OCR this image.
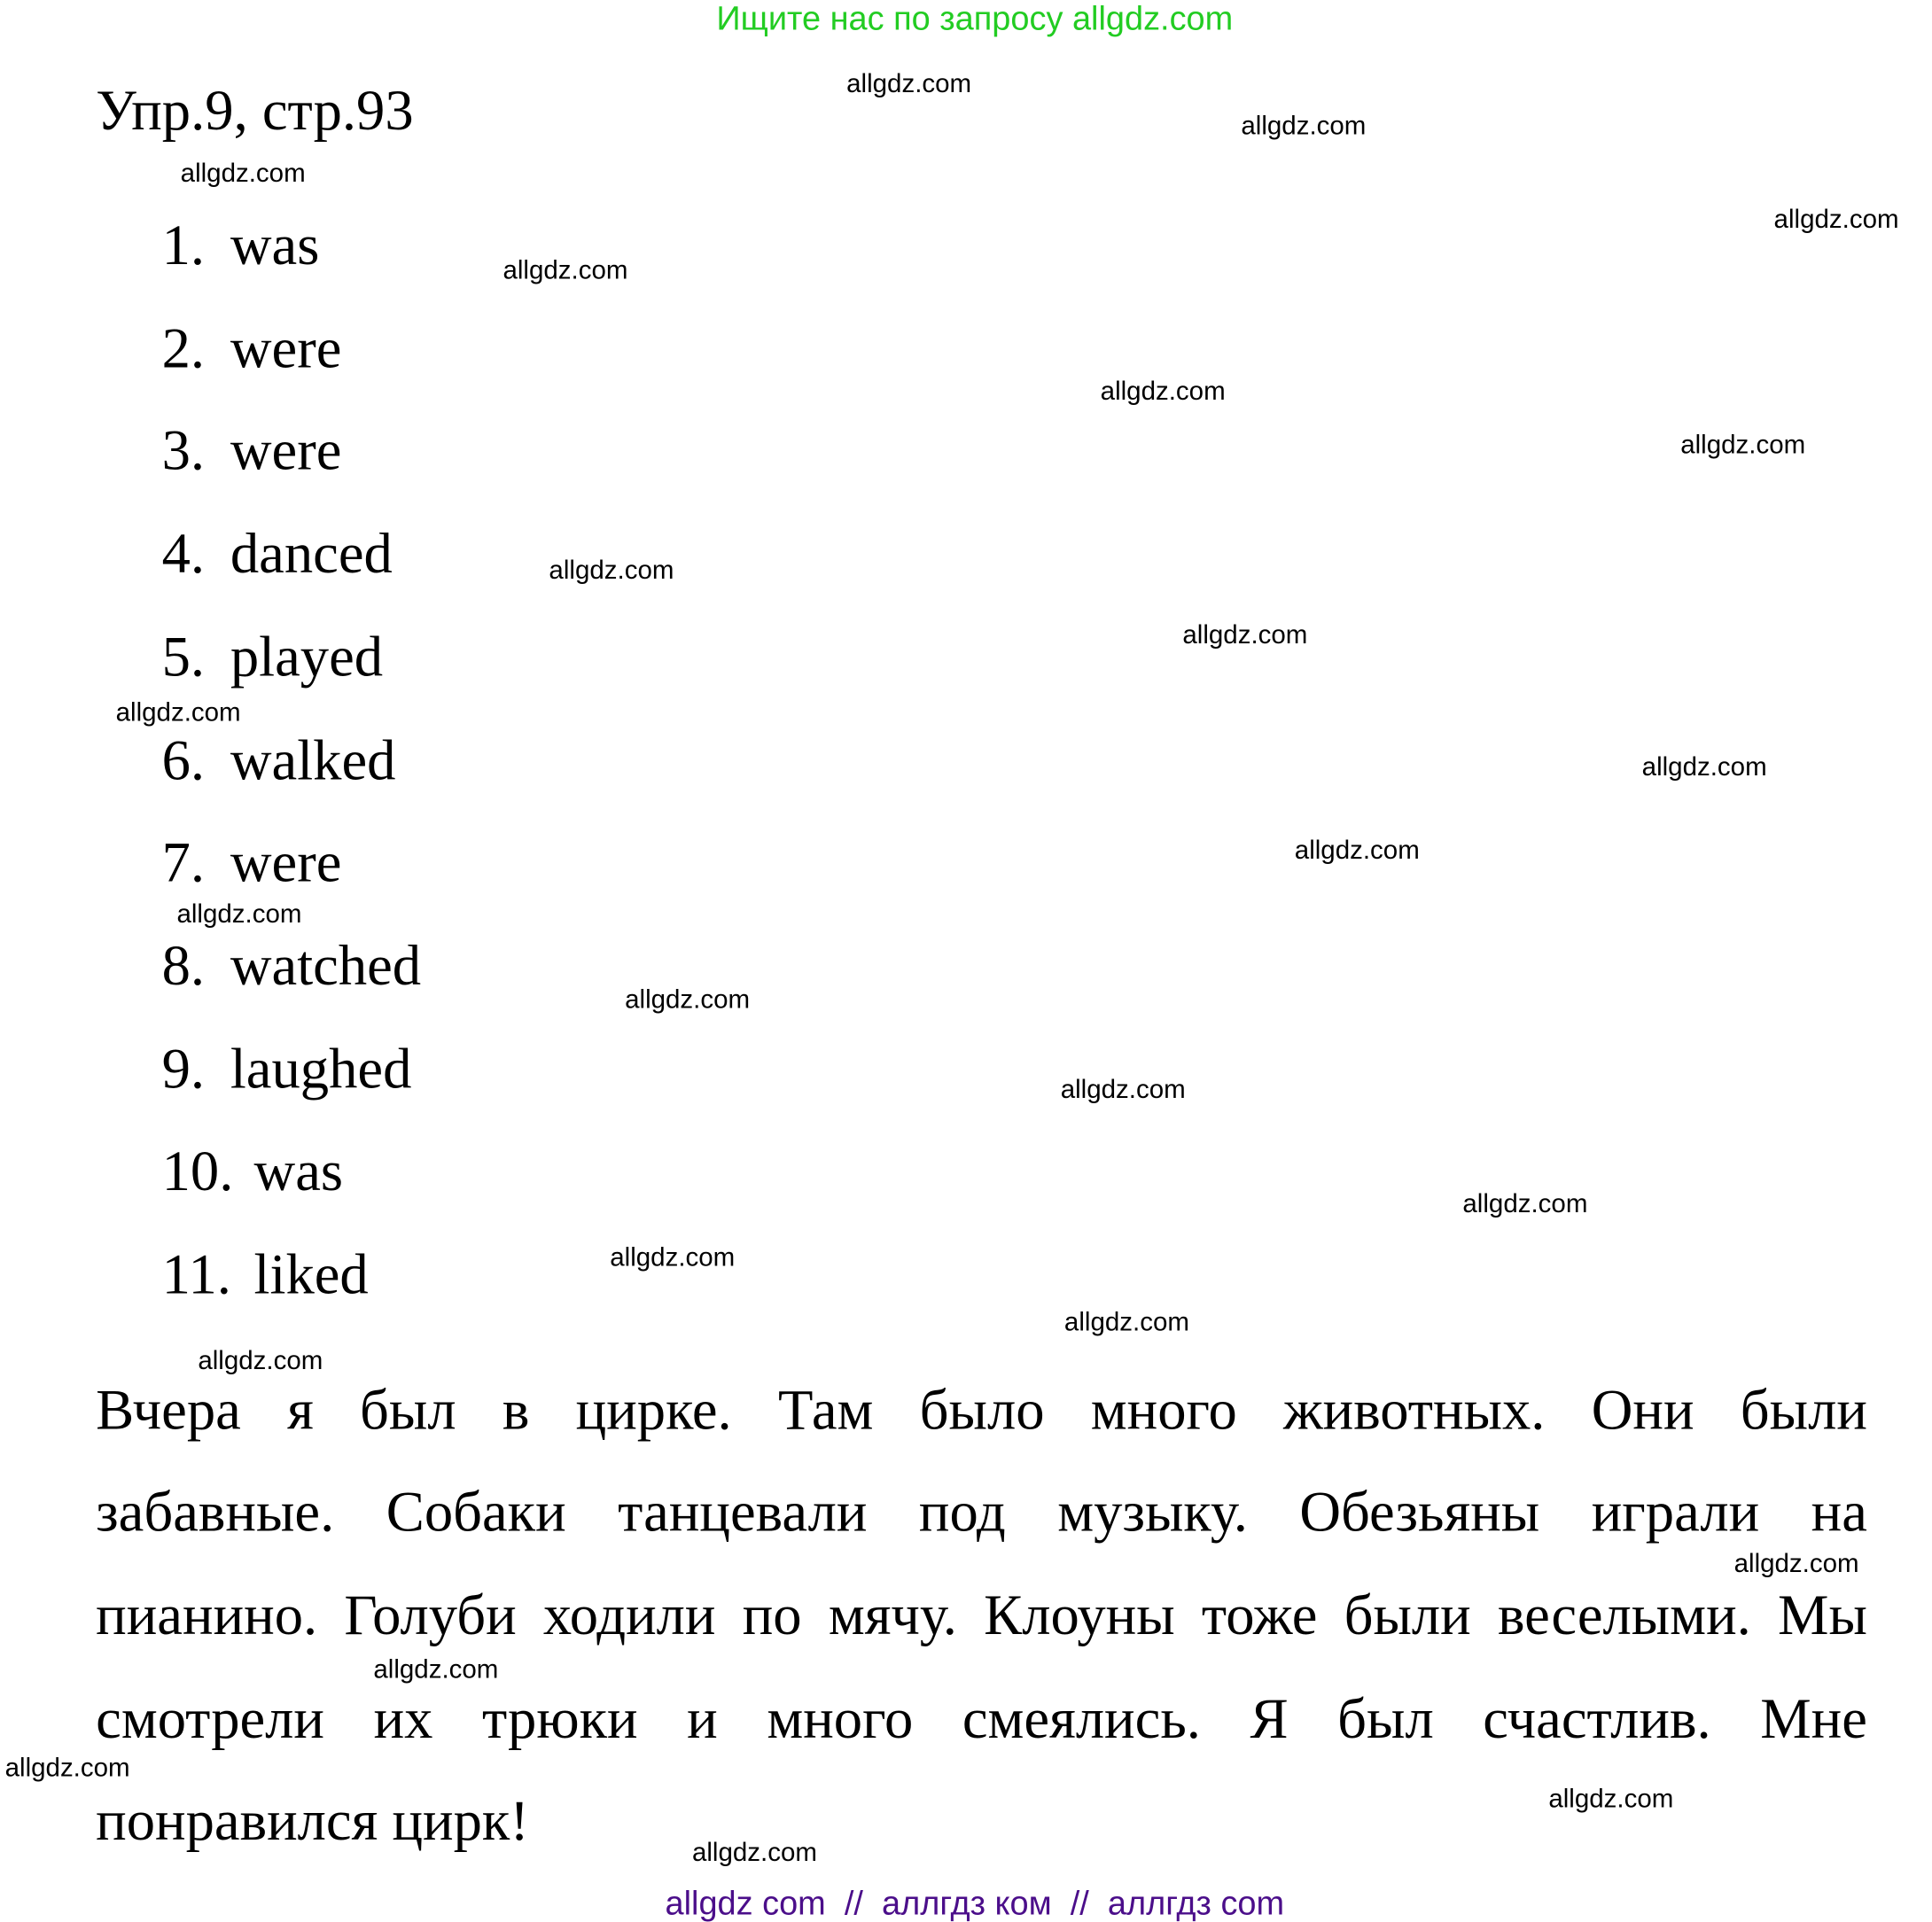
Ищите нас по запросу allgdz.com
Упр.9, стр.93
1. was
2. were
3. were
4. danced
5. played
6. walked
7. were
8. watched
9. laughed
10. was
11. liked
Вчера я был в цирке. Там было много животных. Они были
забавные. Собаки танцевали под музыку. Обезьяны играли на
пианино. Голуби ходили по мячу. Клоуны тоже были веселыми. Мы
смотрели их трюки и много смеялись. Я был счастлив. Мне
понравился цирк!
allgdz.com
allgdz.com
allgdz.com
allgdz.com
allgdz.com
allgdz.com
allgdz.com
allgdz.com
allgdz.com
allgdz.com
allgdz.com
allgdz.com
allgdz.com
allgdz.com
allgdz.com
allgdz.com
allgdz.com
allgdz.com
allgdz.com
allgdz.com
allgdz.com
allgdz.com
allgdz.com
allgdz.com
allgdz com  //  аллгдз ком  //  аллгдз com
